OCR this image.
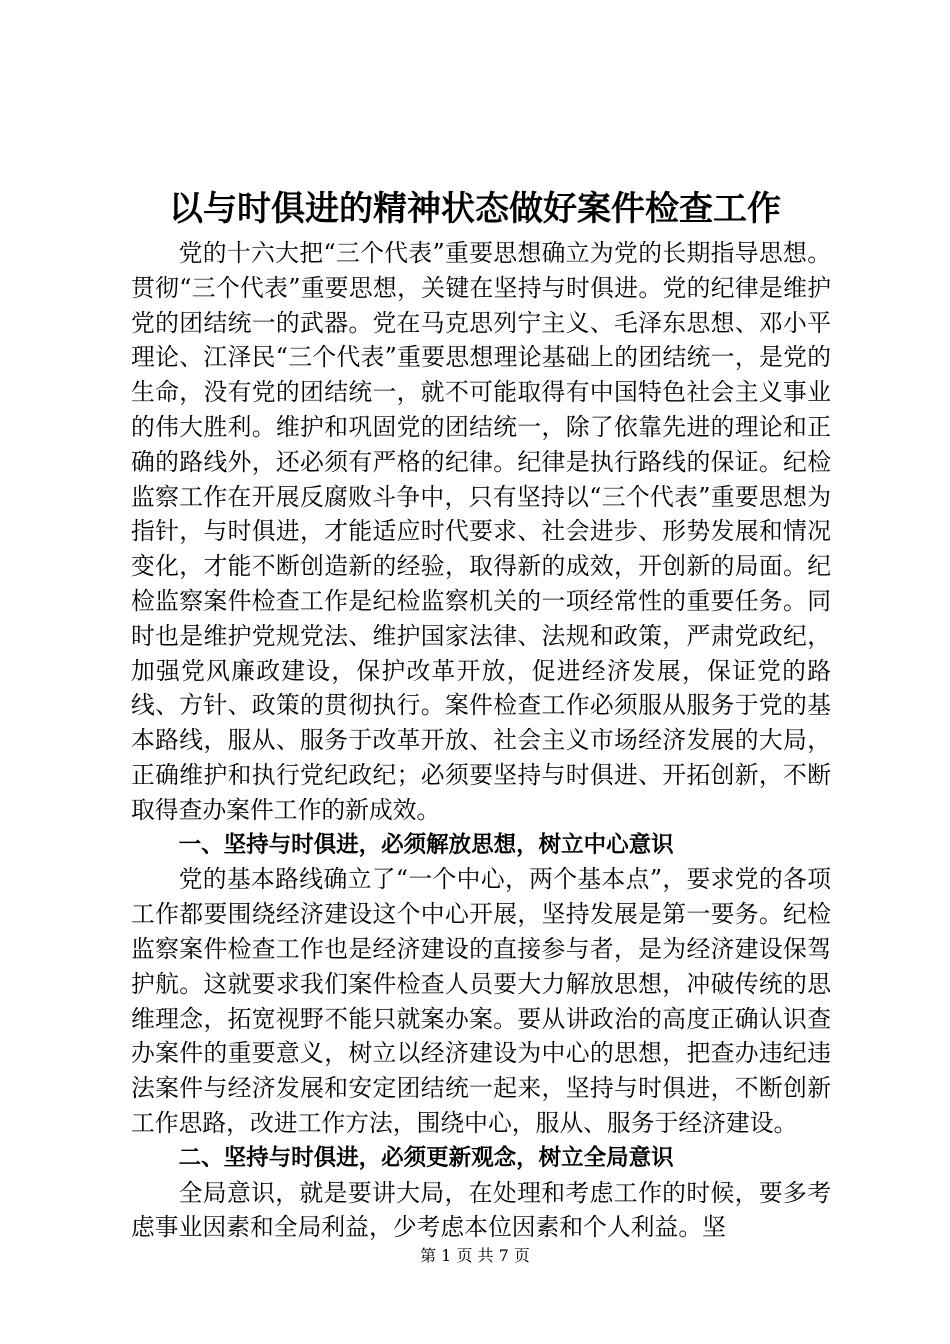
以与时俱进的精神状态做好案件检查工作

党的十六大把“三个代表”重要思想确立为党的长期指导思想。贯彻“三个代表”重要思想，关键在坚持与时俱进。党的纪律是维护党的团结统一的武器。党在马克思列宁主义、毛泽东思想、邓小平理论、江泽民“三个代表”重要思想理论基础上的团结统一，是党的生命，没有党的团结统一，就不可能取得有中国特色社会主义事业的伟大胜利。维护和巩固党的团结统一，除了依靠先进的理论和正确的路线外，还必须有严格的纪律。纪律是执行路线的保证。纪检监察工作在开展反腐败斗争中，只有坚持以“三个代表”重要思想为指针，与时俱进，才能适应时代要求、社会进步、形势发展和情况变化，才能不断创造新的经验，取得新的成效，开创新的局面。纪检监察案件检查工作是纪检监察机关的一项经常性的重要任务。同时也是维护党规党法、维护国家法律、法规和政策，严肃党政纪，加强党风廉政建设，保护改革开放，促进经济发展，保证党的路线、方针、政策的贯彻执行。案件检查工作必须服从服务于党的基本路线，服从、服务于改革开放、社会主义市场经济发展的大局，正确维护和执行党纪政纪；必须要坚持与时俱进、开拓创新，不断取得查办案件工作的新成效。

一、坚持与时俱进，必须解放思想，树立中心意识

党的基本路线确立了“一个中心，两个基本点”，要求党的各项工作都要围绕经济建设这个中心开展，坚持发展是第一要务。纪检监察案件检查工作也是经济建设的直接参与者，是为经济建设保驾护航。这就要求我们案件检查人员要大力解放思想，冲破传统的思维理念，拓宽视野不能只就案办案。要从讲政治的高度正确认识查办案件的重要意义，树立以经济建设为中心的思想，把查办违纪违法案件与经济发展和安定团结统一起来，坚持与时俱进，不断创新工作思路，改进工作方法，围绕中心，服从、服务于经济建设。

二、坚持与时俱进，必须更新观念，树立全局意识

全局意识，就是要讲大局，在处理和考虑工作的时候，要多考虑事业因素和全局利益，少考虑本位因素和个人利益。坚

第 1 页 共 7 页
